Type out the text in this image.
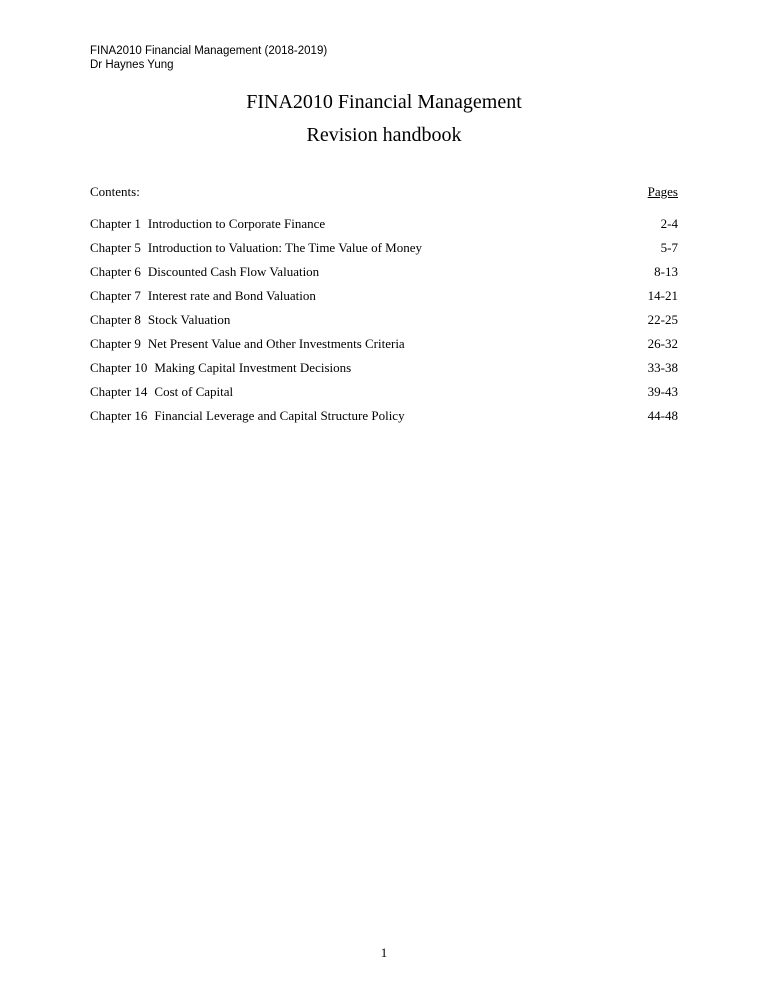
FINA2010 Financial Management (2018-2019)
Dr Haynes Yung
FINA2010 Financial Management
Revision handbook
Contents:	Pages
Chapter 1 Introduction to Corporate Finance	2-4
Chapter 5 Introduction to Valuation: The Time Value of Money	5-7
Chapter 6 Discounted Cash Flow Valuation	8-13
Chapter 7 Interest rate and Bond Valuation	14-21
Chapter 8 Stock Valuation	22-25
Chapter 9 Net Present Value and Other Investments Criteria	26-32
Chapter 10 Making Capital Investment Decisions	33-38
Chapter 14 Cost of Capital	39-43
Chapter 16 Financial Leverage and Capital Structure Policy	44-48
1
